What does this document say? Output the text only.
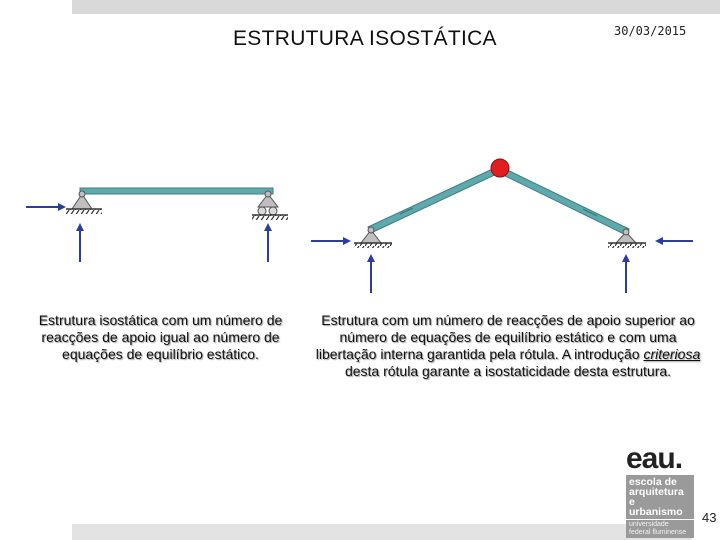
ESTRUTURA ISOSTÁTICA	30/03/2015
Estrutura isostática com um número de reacções de apoio igual ao número de equações de equilíbrio estático.
Estrutura com um número de reacções de apoio superior ao número de equações de equilíbrio estático e com uma libertação interna garantida pela rótula. A introdução criteriosa desta rótula garante a isostaticidade desta estrutura.
eau.
escola de
arquitetura
e urbanismo
universidade
federal fluminense
43
